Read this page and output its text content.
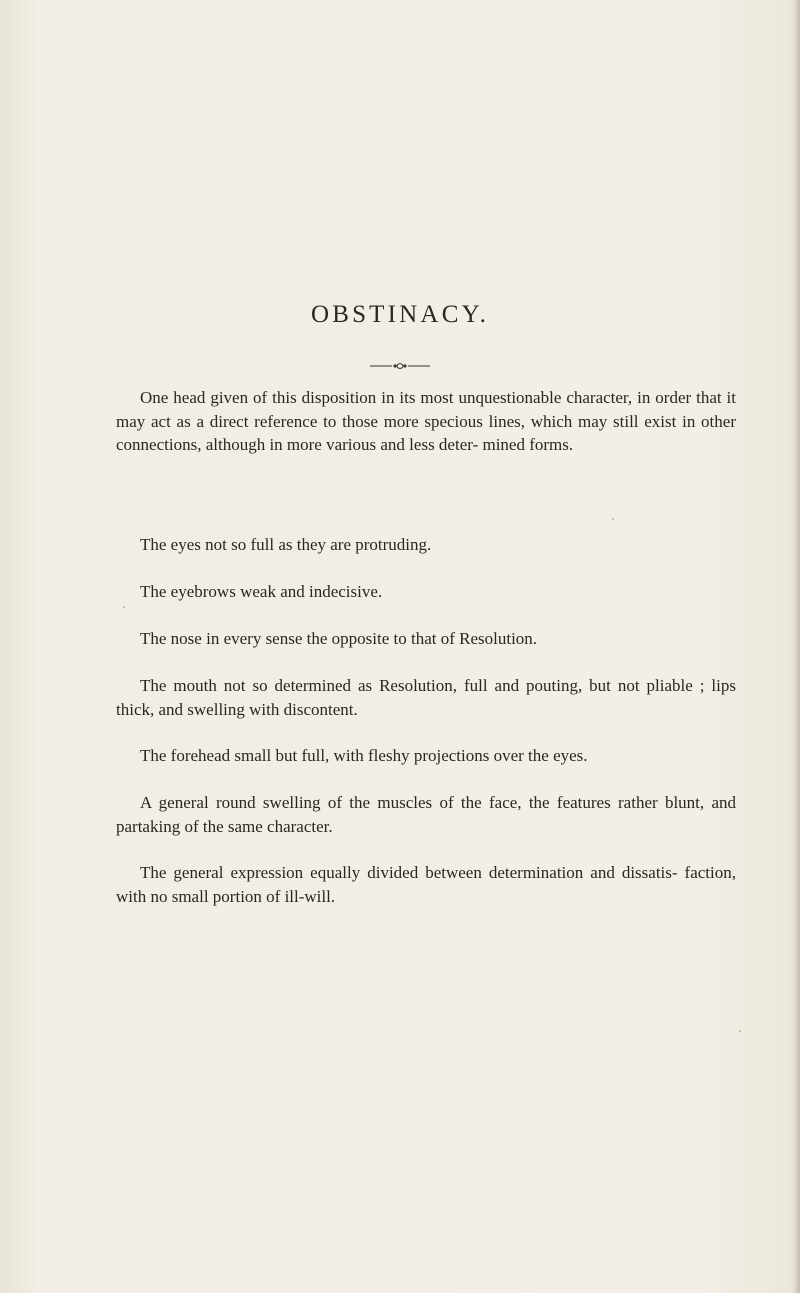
OBSTINACY.

One head given of this disposition in its most unquestionable character, in order that it may act as a direct reference to those more specious lines, which may still exist in other connections, although in more various and less deter- mined forms.

The eyes not so full as they are protruding.

The eyebrows weak and indecisive.

The nose in every sense the opposite to that of Resolution.

The mouth not so determined as Resolution, full and pouting, but not pliable ; lips thick, and swelling with discontent.

The forehead small but full, with fleshy projections over the eyes.

A general round swelling of the muscles of the face, the features rather blunt, and partaking of the same character.

The general expression equally divided between determination and dissatis- faction, with no small portion of ill-will.
